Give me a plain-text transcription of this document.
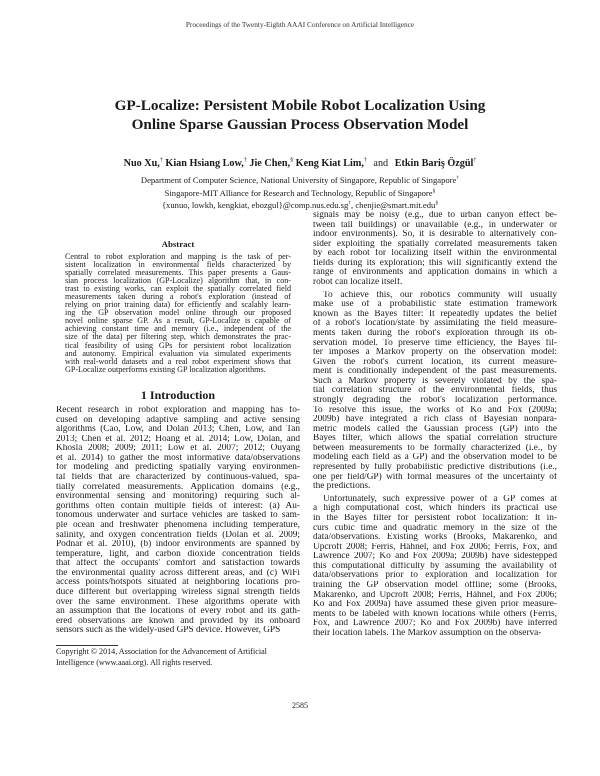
Proceedings of the Twenty-Eighth AAAI Conference on Artificial Intelligence
GP-Localize: Persistent Mobile Robot Localization Using
Online Sparse Gaussian Process Observation Model
Nuo Xu,† Kian Hsiang Low,† Jie Chen,§ Keng Kiat Lim,† and Etkin Bariş Özgül†
Department of Computer Science, National University of Singapore, Republic of Singapore†
Singapore-MIT Alliance for Research and Technology, Republic of Singapore§
{xunuo, lowkh, kengkiat, ebozgul}@comp.nus.edu.sg†, chenjie@smart.mit.edu§
Abstract
Central to robot exploration and mapping is the task of per-
sistent localization in environmental fields characterized by
spatially correlated measurements. This paper presents a Gaus-
sian process localization (GP-Localize) algorithm that, in con-
trast to existing works, can exploit the spatially correlated field
measurements taken during a robot's exploration (instead of
relying on prior training data) for efficiently and scalably learn-
ing the GP observation model online through our proposed
novel online sparse GP. As a result, GP-Localize is capable of
achieving constant time and memory (i.e., independent of the
size of the data) per filtering step, which demonstrates the prac-
tical feasibility of using GPs for persistent robot localization
and autonomy. Empirical evaluation via simulated experiments
with real-world datasets and a real robot experiment shows that
GP-Localize outperforms existing GP localization algorithms.
1 Introduction
Recent research in robot exploration and mapping has fo-
cused on developing adaptive sampling and active sensing
algorithms (Cao, Low, and Dolan 2013; Chen, Low, and Tan
2013; Chen et al. 2012; Hoang et al. 2014; Low, Dolan, and
Khosla 2008; 2009; 2011; Low et al. 2007; 2012; Ouyang
et al. 2014) to gather the most informative data/observations
for modeling and predicting spatially varying environmen-
tal fields that are characterized by continuous-valued, spa-
tially correlated measurements. Application domains (e.g.,
environmental sensing and monitoring) requiring such al-
gorithms often contain multiple fields of interest: (a) Au-
tonomous underwater and surface vehicles are tasked to sam-
ple ocean and freshwater phenomena including temperature,
salinity, and oxygen concentration fields (Dolan et al. 2009;
Podnar et al. 2010), (b) indoor environments are spanned by
temperature, light, and carbon dioxide concentration fields
that affect the occupants' comfort and satisfaction towards
the environmental quality across different areas, and (c) WiFi
access points/hotspots situated at neighboring locations pro-
duce different but overlapping wireless signal strength fields
over the same environment. These algorithms operate with
an assumption that the locations of every robot and its gath-
ered observations are known and provided by its onboard
sensors such as the widely-used GPS device. However, GPS
signals may be noisy (e.g., due to urban canyon effect be-
tween tall buildings) or unavailable (e.g., in underwater or
indoor environments). So, it is desirable to alternatively con-
sider exploiting the spatially correlated measurements taken
by each robot for localizing itself within the environmental
fields during its exploration; this will significantly extend the
range of environments and application domains in which a
robot can localize itself.
To achieve this, our robotics community will usually
make use of a probabilistic state estimation framework
known as the Bayes filter: It repeatedly updates the belief
of a robot's location/state by assimilating the field measure-
ments taken during the robot's exploration through its ob-
servation model. To preserve time efficiency, the Bayes fil-
ter imposes a Markov property on the observation model:
Given the robot's current location, its current measure-
ment is conditionally independent of the past measurements.
Such a Markov property is severely violated by the spa-
tial correlation structure of the environmental fields, thus
strongly degrading the robot's localization performance.
To resolve this issue, the works of Ko and Fox (2009a;
2009b) have integrated a rich class of Bayesian nonpara-
metric models called the Gaussian process (GP) into the
Bayes filter, which allows the spatial correlation structure
between measurements to be formally characterized (i.e., by
modeling each field as a GP) and the observation model to be
represented by fully probabilistic predictive distributions (i.e.,
one per field/GP) with formal measures of the uncertainty of
the predictions.
Unfortunately, such expressive power of a GP comes at
a high computational cost, which hinders its practical use
in the Bayes filter for persistent robot localization: It in-
curs cubic time and quadratic memory in the size of the
data/observations. Existing works (Brooks, Makarenko, and
Upcroft 2008; Ferris, Hähnel, and Fox 2006; Ferris, Fox, and
Lawrence 2007; Ko and Fox 2009a; 2009b) have sidestepped
this computational difficulty by assuming the availability of
data/observations prior to exploration and localization for
training the GP observation model offline; some (Brooks,
Makarenko, and Upcroft 2008; Ferris, Hähnel, and Fox 2006;
Ko and Fox 2009a) have assumed these given prior measure-
ments to be labeled with known locations while others (Ferris,
Fox, and Lawrence 2007; Ko and Fox 2009b) have inferred
their location labels. The Markov assumption on the observa-
Copyright © 2014, Association for the Advancement of Artificial
Intelligence (www.aaai.org). All rights reserved.
2585
